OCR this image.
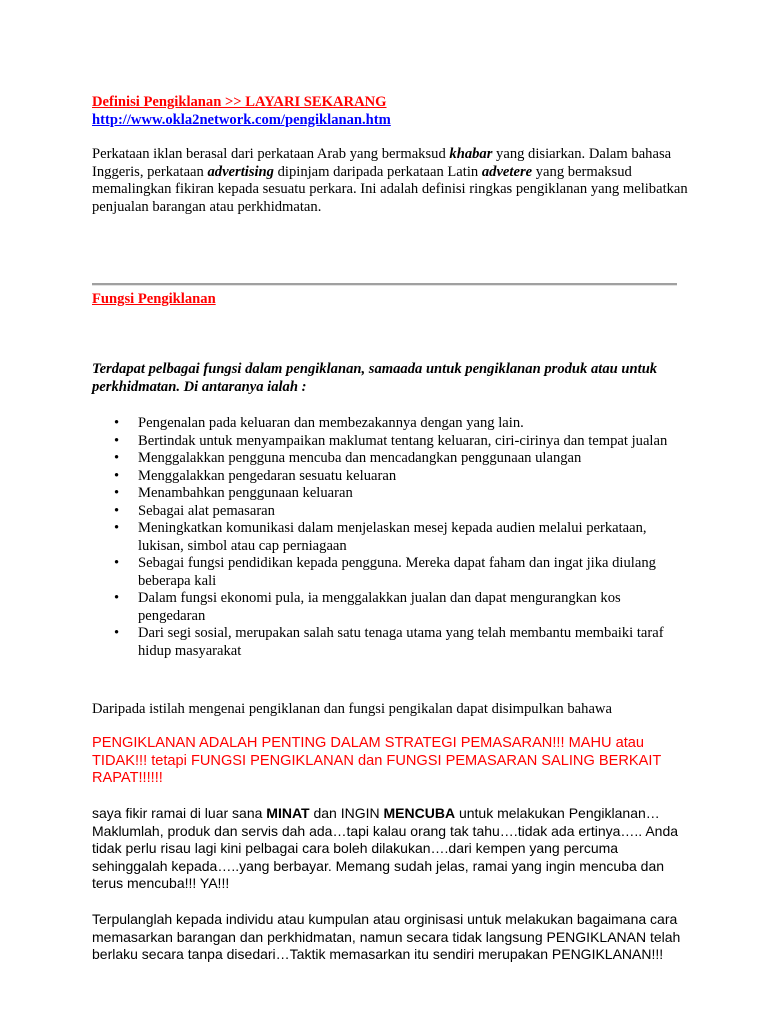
Definisi Pengiklanan >> LAYARI SEKARANG
http://www.okla2network.com/pengiklanan.htm

Perkataan iklan berasal dari perkataan Arab yang bermaksud khabar yang disiarkan. Dalam bahasa Inggeris, perkataan advertising dipinjam daripada perkataan Latin advetere yang bermaksud memalingkan fikiran kepada sesuatu perkara. Ini adalah definisi ringkas pengiklanan yang melibatkan penjualan barangan atau perkhidmatan.

Fungsi Pengiklanan

Terdapat pelbagai fungsi dalam pengiklanan, samaada untuk pengiklanan produk atau untuk perkhidmatan. Di antaranya ialah :

• Pengenalan pada keluaran dan membezakannya dengan yang lain.
• Bertindak untuk menyampaikan maklumat tentang keluaran, ciri-cirinya dan tempat jualan
• Menggalakkan pengguna mencuba dan mencadangkan penggunaan ulangan
• Menggalakkan pengedaran sesuatu keluaran
• Menambahkan penggunaan keluaran
• Sebagai alat pemasaran
• Meningkatkan komunikasi dalam menjelaskan mesej kepada audien melalui perkataan, lukisan, simbol atau cap perniagaan
• Sebagai fungsi pendidikan kepada pengguna. Mereka dapat faham dan ingat jika diulang beberapa kali
• Dalam fungsi ekonomi pula, ia menggalakkan jualan dan dapat mengurangkan kos pengedaran
• Dari segi sosial, merupakan salah satu tenaga utama yang telah membantu membaiki taraf hidup masyarakat

Daripada istilah mengenai pengiklanan dan fungsi pengikalan dapat disimpulkan bahawa

PENGIKLANAN ADALAH PENTING DALAM STRATEGI PEMASARAN!!! MAHU atau TIDAK!!! tetapi FUNGSI PENGIKLANAN dan FUNGSI PEMASARAN SALING BERKAIT RAPAT!!!!!!

saya fikir ramai di luar sana MINAT dan INGIN MENCUBA untuk melakukan Pengiklanan…Maklumlah, produk dan servis dah ada…tapi kalau orang tak tahu….tidak ada ertinya….. Anda tidak perlu risau lagi kini pelbagai cara boleh dilakukan….dari kempen yang percuma sehinggalah kepada…..yang berbayar. Memang sudah jelas, ramai yang ingin mencuba dan terus mencuba!!! YA!!!

Terpulanglah kepada individu atau kumpulan atau orginisasi untuk melakukan bagaimana cara memasarkan barangan dan perkhidmatan, namun secara tidak langsung PENGIKLANAN telah berlaku secara tanpa disedari…Taktik memasarkan itu sendiri merupakan PENGIKLANAN!!!
